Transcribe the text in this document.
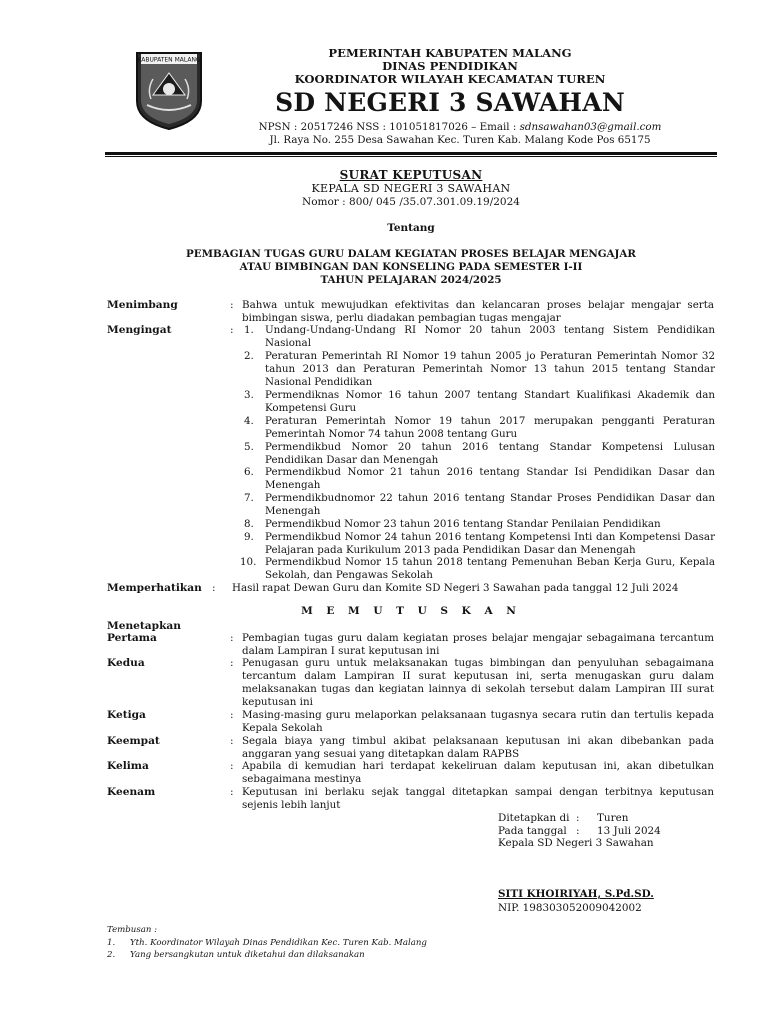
KABUPATEN MALANG	PEMERINTAH KABUPATEN MALANG
DINAS PENDIDIKAN
KOORDINATOR WILAYAH KECAMATAN TUREN
SD NEGERI 3 SAWAHAN
NPSN : 20517246 NSS : 101051817026 – Email : sdnsawahan03@gmail.com
Jl. Raya No. 255 Desa Sawahan Kec. Turen Kab. Malang Kode Pos 65175
SURAT KEPUTUSAN
KEPALA SD NEGERI 3 SAWAHAN
Nomor : 800/ 045 /35.07.301.09.19/2024
Tentang
PEMBAGIAN TUGAS GURU DALAM KEGIATAN PROSES BELAJAR MENGAJAR
ATAU BIMBINGAN DAN KONSELING PADA SEMESTER I-II
TAHUN PELAJARAN 2024/2025
Menimbang	: Bahwa untuk mewujudkan efektivitas dan kelancaran proses belajar mengajar serta bimbingan siswa, perlu diadakan pembagian tugas mengajar
Mengingat	: 1. Undang-Undang-Undang RI Nomor 20 tahun 2003 tentang Sistem Pendidikan Nasional
2. Peraturan Pemerintah RI Nomor 19 tahun 2005 jo Peraturan Pemerintah Nomor 32 tahun 2013 dan Peraturan Pemerintah Nomor 13 tahun 2015 tentang Standar Nasional Pendidikan
3. Permendiknas Nomor 16 tahun 2007 tentang Standart Kualifikasi Akademik dan Kompetensi Guru
4. Peraturan Pemerintah Nomor 19 tahun 2017 merupakan pengganti Peraturan Pemerintah Nomor 74 tahun 2008 tentang Guru
5. Permendikbud Nomor 20 tahun 2016 tentang Standar Kompetensi Lulusan Pendidikan Dasar dan Menengah
6. Permendikbud Nomor 21 tahun 2016 tentang Standar Isi Pendidikan Dasar dan Menengah
7. Permendikbudnomor 22 tahun 2016 tentang Standar Proses Pendidikan Dasar dan Menengah
8. Permendikbud Nomor 23 tahun 2016 tentang Standar Penilaian Pendidikan
9. Permendikbud Nomor 24 tahun 2016 tentang Kompetensi Inti dan Kompetensi Dasar Pelajaran pada Kurikulum 2013 pada Pendidikan Dasar dan Menengah
10. Permendikbud Nomor 15 tahun 2018 tentang Pemenuhan Beban Kerja Guru, Kepala Sekolah, dan Pengawas Sekolah
Memperhatikan : Hasil rapat Dewan Guru dan Komite SD Negeri 3 Sawahan pada tanggal 12 Juli 2024
M E M U T U S K A N
Menetapkan
Pertama	: Pembagian tugas guru dalam kegiatan proses belajar mengajar sebagaimana tercantum dalam Lampiran I surat keputusan ini
Kedua	: Penugasan guru untuk melaksanakan tugas bimbingan dan penyuluhan sebagaimana tercantum dalam Lampiran II surat keputusan ini, serta menugaskan guru dalam melaksanakan tugas dan kegiatan lainnya di sekolah tersebut dalam Lampiran III surat keputusan ini
Ketiga	: Masing-masing guru melaporkan pelaksanaan tugasnya secara rutin dan tertulis kepada Kepala Sekolah
Keempat	: Segala biaya yang timbul akibat pelaksanaan keputusan ini akan dibebankan pada anggaran yang sesuai yang ditetapkan dalam RAPBS
Kelima	: Apabila di kemudian hari terdapat kekeliruan dalam keputusan ini, akan dibetulkan sebagaimana mestinya
Keenam	: Keputusan ini berlaku sejak tanggal ditetapkan sampai dengan terbitnya keputusan sejenis lebih lanjut
Ditetapkan di : Turen
Pada tanggal : 13 Juli 2024
Kepala SD Negeri 3 Sawahan
SITI KHOIRIYAH, S.Pd.SD.
NIP. 198303052009042002
Tembusan :
1. Yth. Koordinator Wilayah Dinas Pendidikan Kec. Turen Kab. Malang
2. Yang bersangkutan untuk diketahui dan dilaksanakan
